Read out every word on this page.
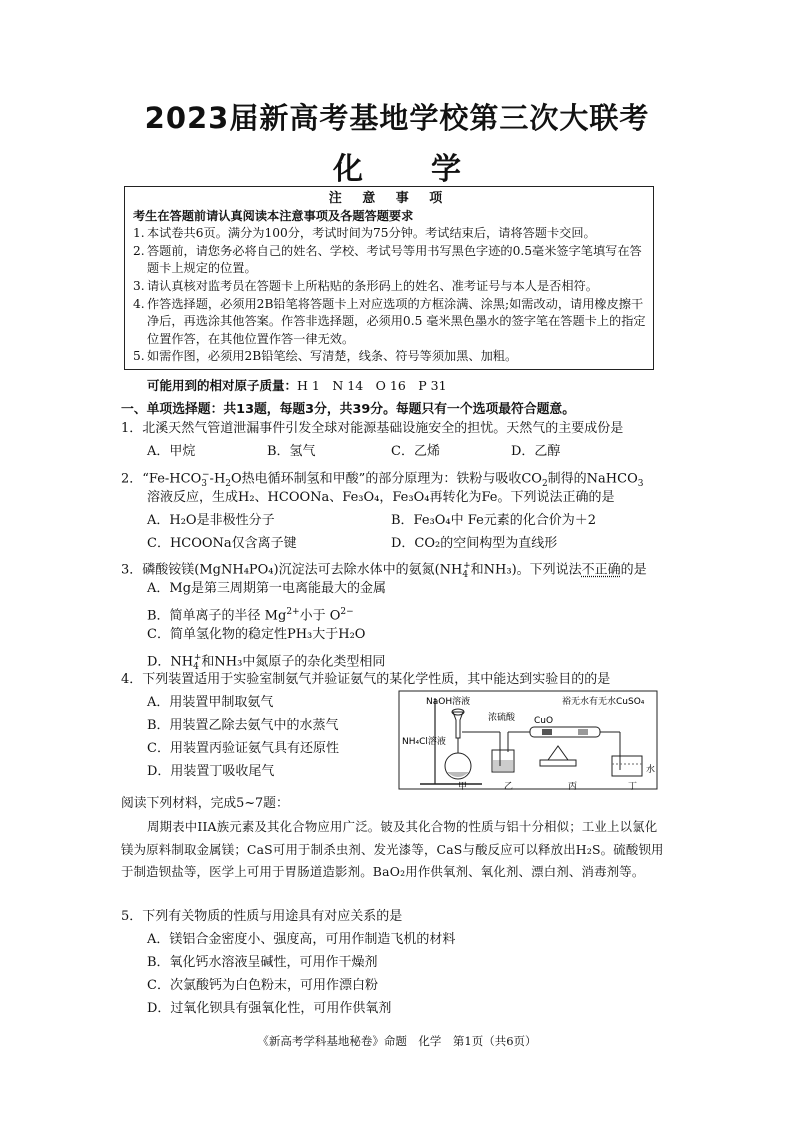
2023届新高考基地学校第三次大联考
化 学
注 意 事 项
考生在答题前请认真阅读本注意事项及各题答题要求
1. 本试卷共6页。满分为100分，考试时间为75分钟。考试结束后，请将答题卡交回。
2. 答题前，请您务必将自己的姓名、学校、考试号等用书写黑色字迹的0.5毫米签字笔填写在答题卡上规定的位置。
3. 请认真核对监考员在答题卡上所粘贴的条形码上的姓名、准考证号与本人是否相符。
4. 作答选择题，必须用2B铅笔将答题卡上对应选项的方框涂满、涂黑;如需改动，请用橡皮擦干净后，再选涂其他答案。作答非选择题，必须用0.5 毫米黑色墨水的签字笔在答题卡上的指定位置作答，在其他位置作答一律无效。
5. 如需作图，必须用2B铅笔绘、写清楚，线条、符号等须加黑、加粗。
可能用到的相对原子质量：H 1　N 14　O 16　P 31
一、单项选择题：共13题，每题3分，共39分。每题只有一个选项最符合题意。
1．北溪天然气管道泄漏事件引发全球对能源基础设施安全的担忧。天然气的主要成份是
A．甲烷	B．氢气	C．乙烯	D．乙醇
2．“$Fe-HCO_3^--H_2O$热电循环制氢和甲酸”的部分原理为：铁粉与吸收$CO_2$制得的NaHCO$_3$
溶液反应，生成H₂、HCOONa、Fe₃O₄，Fe₃O₄再转化为Fe。下列说法正确的是
A．H₂O是非极性分子	B．Fe₃O₄中 Fe元素的化合价为＋2
C．HCOONa仅含离子键	D．CO₂的空间构型为直线形
3．磷酸铵镁(MgNH₄PO₄)沉淀法可去除水体中的氨氮($NH_4^+$和NH₃)。下列说法不正确的是
A．Mg是第三周期第一电离能最大的金属
B．简单离子的半径 $Mg^{2+}$小于 $O^{2-}$
C．简单氢化物的稳定性PH₃大于H₂O
D．$NH_4^+$和NH₃中氮原子的杂化类型相同
4．下列装置适用于实验室制氨气并验证氨气的某化学性质，其中能达到实验目的的是
A．用装置甲制取氨气
B．用装置乙除去氨气中的水蒸气
C．用装置丙验证氨气具有还原性
D．用装置丁吸收尾气
NaOH溶液
NH₄Cl溶液
浓硫酸
裕无水有无水CuSO₄
CuO
水
甲	乙	丙	丁
阅读下列材料，完成5~7题：
周期表中IIA族元素及其化合物应用广泛。铍及其化合物的性质与铝十分相似；工业上以氯化镁为原料制取金属镁；CaS可用于制杀虫剂、发光漆等，CaS与酸反应可以释放出H₂S。硫酸钡用于制造钡盐等，医学上可用于胃肠道造影剂。BaO₂用作供氧剂、氧化剂、漂白剂、消毒剂等。
5．下列有关物质的性质与用途具有对应关系的是
A．镁铝合金密度小、强度高，可用作制造飞机的材料
B．氧化钙水溶液呈碱性，可用作干燥剂
C．次氯酸钙为白色粉末，可用作漂白粉
D．过氧化钡具有强氧化性，可用作供氧剂
《新高考学科基地秘卷》命题　化学　第1页（共6页）
